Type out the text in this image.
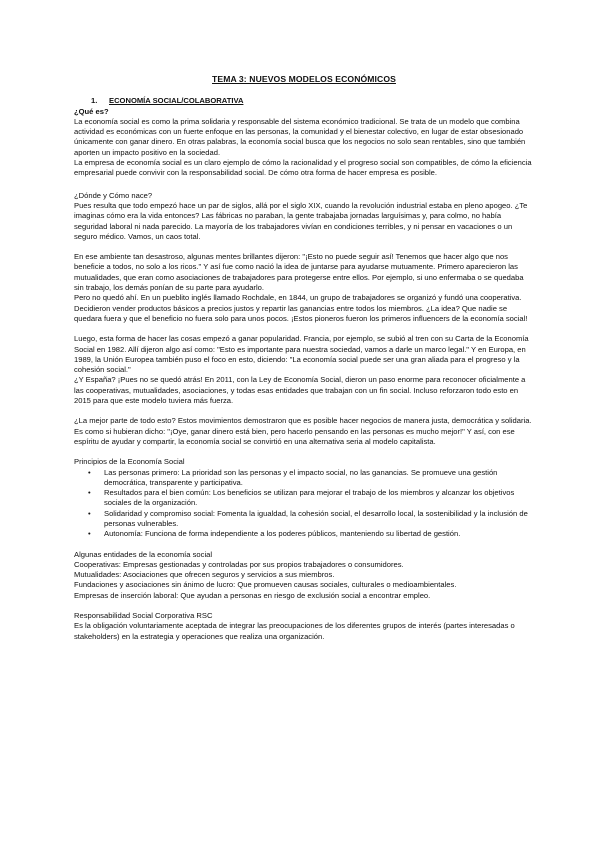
TEMA 3: NUEVOS MODELOS ECONÓMICOS
1. ECONOMÍA SOCIAL/COLABORATIVA
¿Qué es?

La economía social es como la prima solidaria y responsable del sistema económico tradicional. Se trata de un modelo que combina actividad es económicas con un fuerte enfoque en las personas, la comunidad y el bienestar colectivo, en lugar de estar obsesionado únicamente con ganar dinero. En otras palabras, la economía social busca que los negocios no solo sean rentables, sino que también aporten un impacto positivo en la sociedad.

La empresa de economía social es un claro ejemplo de cómo la racionalidad y el progreso social son compatibles, de cómo la eficiencia empresarial puede convivir con la responsabilidad social. De cómo otra forma de hacer empresa es posible.

¿Dónde y Cómo nace?

Pues resulta que todo empezó hace un par de siglos, allá por el siglo XIX, cuando la revolución industrial estaba en pleno apogeo. ¿Te imaginas cómo era la vida entonces? Las fábricas no paraban, la gente trabajaba jornadas larguísimas y, para colmo, no había seguridad laboral ni nada parecido. La mayoría de los trabajadores vivían en condiciones terribles, y ni pensar en vacaciones o un seguro médico. Vamos, un caos total.

En ese ambiente tan desastroso, algunas mentes brillantes dijeron: "¡Esto no puede seguir así! Tenemos que hacer algo que nos beneficie a todos, no solo a los ricos." Y así fue como nació la idea de juntarse para ayudarse mutuamente. Primero aparecieron las mutualidades, que eran como asociaciones de trabajadores para protegerse entre ellos. Por ejemplo, si uno enfermaba o se quedaba sin trabajo, los demás ponían de su parte para ayudarlo.

Pero no quedó ahí. En un pueblito inglés llamado Rochdale, en 1844, un grupo de trabajadores se organizó y fundó una cooperativa. Decidieron vender productos básicos a precios justos y repartir las ganancias entre todos los miembros. ¿La idea? Que nadie se quedara fuera y que el beneficio no fuera solo para unos pocos. ¡Estos pioneros fueron los primeros influencers de la economía social!

Luego, esta forma de hacer las cosas empezó a ganar popularidad. Francia, por ejemplo, se subió al tren con su Carta de la Economía Social en 1982. Allí dijeron algo así como: "Esto es importante para nuestra sociedad, vamos a darle un marco legal." Y en Europa, en 1989, la Unión Europea también puso el foco en esto, diciendo: "La economía social puede ser una gran aliada para el progreso y la cohesión social."

¿Y España? ¡Pues no se quedó atrás! En 2011, con la Ley de Economía Social, dieron un paso enorme para reconocer oficialmente a las cooperativas, mutualidades, asociaciones, y todas esas entidades que trabajan con un fin social. Incluso reforzaron todo esto en 2015 para que este modelo tuviera más fuerza.

¿La mejor parte de todo esto? Estos movimientos demostraron que es posible hacer negocios de manera justa, democrática y solidaria. Es como si hubieran dicho: "¡Oye, ganar dinero está bien, pero hacerlo pensando en las personas es mucho mejor!" Y así, con ese espíritu de ayudar y compartir, la economía social se convirtió en una alternativa seria al modelo capitalista.

Principios de la Economía Social
• Las personas primero: La prioridad son las personas y el impacto social, no las ganancias. Se promueve una gestión democrática, transparente y participativa.
• Resultados para el bien común: Los beneficios se utilizan para mejorar el trabajo de los miembros y alcanzar los objetivos sociales de la organización.
• Solidaridad y compromiso social: Fomenta la igualdad, la cohesión social, el desarrollo local, la sostenibilidad y la inclusión de personas vulnerables.
• Autonomía: Funciona de forma independiente a los poderes públicos, manteniendo su libertad de gestión.
Algunas entidades de la economía social
Cooperativas: Empresas gestionadas y controladas por sus propios trabajadores o consumidores.
Mutualidades: Asociaciones que ofrecen seguros y servicios a sus miembros.
Fundaciones y asociaciones sin ánimo de lucro: Que promueven causas sociales, culturales o medioambientales.
Empresas de inserción laboral: Que ayudan a personas en riesgo de exclusión social a encontrar empleo.
Responsabilidad Social Corporativa RSC

Es la obligación voluntariamente aceptada de integrar las preocupaciones de los diferentes grupos de interés (partes interesadas o stakeholders) en la estrategia y operaciones que realiza una organización.
